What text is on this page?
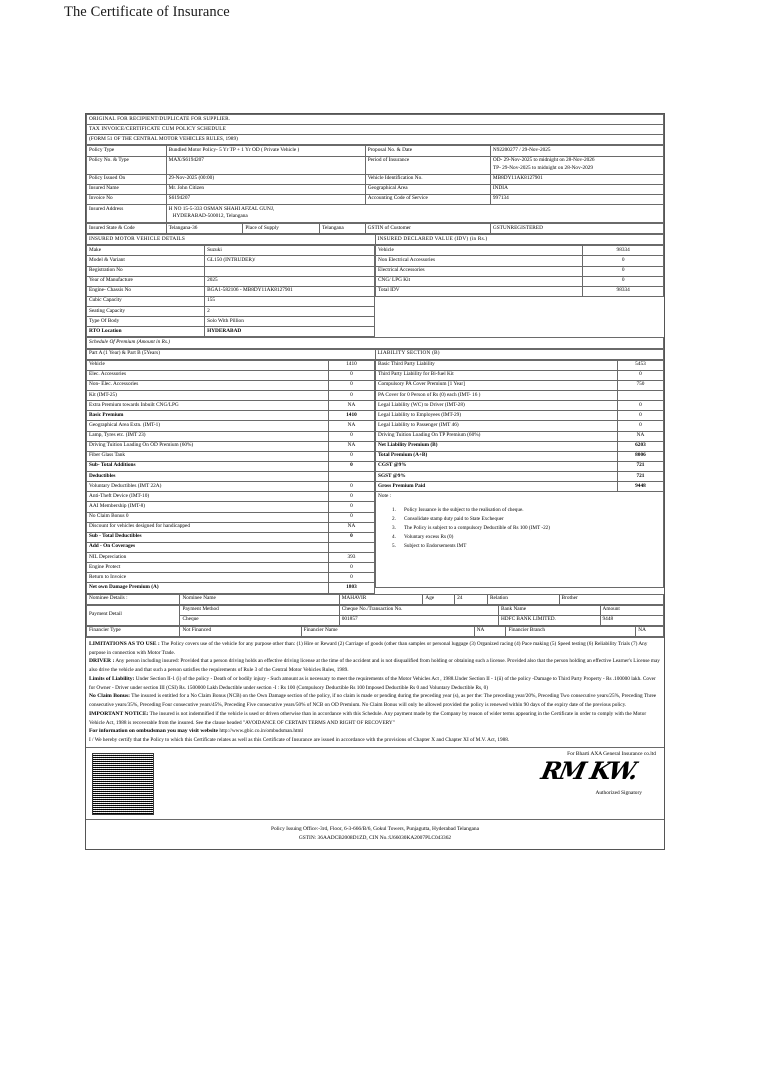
The Certificate of Insurance
ORIGINAL FOR RECIPIENT/DUPLICATE FOR SUPPLIER.
TAX INVOICE/CERTIFICATE CUM POLICY SCHEDULE
(FORM 51 OF THE CENTRAL MOTOR VEHICLES RULES, 1989)
Policy Type	Bundled Motor Policy- 5 Yr TP + 1 Yr OD ( Private Vehicle )	Proposal No. & Date	N92200277 / 29-Nov-2025
Policy No. & Type	MAX/S6194207	Period of Insurance	OD- 29-Nov-2025 to midnight on 28-Nov-2026
TP- 29-Nov-2025 to midnight on 28-Nov-2029

Policy Issued On	29-Nov-2025 (00:00)	Vehicle Identification No.	MB8DY11AK8127901
Insured Name	Mr. John Citizen	Geographical Area	INDIA
Invoice No	S6194207	Accounting Code of Service	997134
Insured Address	H NO 15-5-333 OSMAN SHAHI AFZAL GUNJ,
HYDERABAD-500012, Telangana		
Insured State & Code	Telangana-36	Place of Supply	Telangana	GSTIN of Customer	GSTUNREGISTERED
INSURED MOTOR VEHICLE DETAILS	INSURED DECLARED VALUE (IDV) (in Rs.)
Make	Suzuki
Model & Variant	GL150 (INTRUDER)/
Registration No	
Year of Manufacture	2025
Engine- Chassis No	BGA1-582106 - MB8DY11AK8127901
Cubic Capacity	155
Seating Capacity	2
Type Of Body	Solo With Pillion
RTO Location	HYDERABAD
Vehicle	98334
Non Electrical Accessories	0
Electrical Accessories	0
CNG/ LPG Kit	0
Total IDV	98334
Schedule Of Premium (Amount in Rs.)
Part A (1 Year) & Part B (5Years)	LIABILITY SECTION (B)
Vehicle	1410
Elec. Accessories	0
Non- Elec. Accessories	0
Kit (IMT-25)	0
Extra Premium towards Inbuilt CNG/LPG	NA
Basic Premium	1410
Geographical Area Extn. (IMT-1)	NA
Lamp, Tyres etc. (IMT 23)	0
Driving Tuition Loading On OD Premium (60%)	NA
Fiber Glass Tank	0
Sub- Total Additions	0
Deductibles	
Voluntary Deductibles (IMT 22A)	0
Anti-Theft Device (IMT-10)	0
AAI Membership (IMT-8)	0
No Claim Bonus 0	0
Discount for vehicles designed for handicapped	NA
Sub - Total Deductibles	0
Add - On Coverages	
NIL Depreciation	393
Engine Protect	0
Return to Invoice	0
Net own Damage Premium (A)	1803
Basic Third Party Liability	5453
Third Party Liability for Bi-fuel Kit	0
Compulsory PA Cover Premium [1 Year]	750
PA Cover for 0 Person of Rs (0) each (IMT- 16 )	
Legal Liability (WC) to Driver (IMT-28)	0
Legal Liability to Employees (IMT-29)	0
Legal Liability to Passenger (IMT 46)	0
Driving Tuition Loading On TP Premium (60%)	NA
Net Liability Premium (B)	6203
Total Premium (A+B)	8006
CGST @9%	721
SGST @9%	721
Gross Premium Paid	9448

Note :
1. Policy Issuance is the subject to the realisation of cheque.
2. Consolidate stamp duty paid to State Exchequer
3. The Policy is subject to a compulsory Deductible of Rs 100 (IMT -22)
4. Voluntary excess Rs (0)
5. Subject to Endorsements IMT
Nominee Details :	Nominee Name	MAHAVIR	Age	24	Relation	Brother
Payment Detail	Payment Method	Cheque No./Transaction No.	Bank Name	Amount
	Cheque	001857	HDFC BANK LIMITED.	9448
Financier Type	Not Financed	Financier Name	NA	Financier Branch	NA

LIMITATIONS AS TO USE : The Policy covers use of the vehicle for any purpose other than: (1) Hire or Reward (2) Carriage of goods (other than samples or personal luggage (3) Organized racing (4) Pace making (5) Speed testing (6) Reliability Trials (7) Any purpose in connection with Motor Trade.

DRIVER : Any person including insured: Provided that a person driving holds an effective driving license at the time of the accident and is not disqualified from holding or obtaining such a license. Provided also that the person holding an effective Learner's License may also drive the vehicle and that such a person satisfies the requirements of Rule 3 of the Central Motor Vehicles Rules, 1989.

Limits of Liability: Under Section II-1 (i) of the policy - Death of or bodily injury - Such amount as is necessary to meet the requirements of the Motor Vehicles Act , 1988.Under Section II - 1(ii) of the policy -Damage to Third Party Property - Rs .100000 lakh. Cover for Owner - Driver under section III (CSI) Rs. 1500000 Lakh Deductible under section -I : Rs 100 (Compulsory Deductible Rs 100 Imposed Deductible Rs 0 and Voluntary Deductible Rs, 0)

No Claim Bonus: The insured is entitled for a No Claim Bonus (NCB) on the Own Damage section of the policy, if no claim is made or pending during the preceding year (s), as per the: The preceding year/20%, Preceding Two consecutive years/25%, Preceding Three consecutive years/35%, Preceding Four consecutive years/45%, Preceding Five consecutive years/50% of NCB on OD Premium. No Claim Bonus will only be allowed provided the policy is renewed within 90 days of the expiry date of the previous policy.

IMPORTANT NOTICE: The insured is not indemnified if the vehicle is used or driven otherwise than in accordance with this Schedule. Any payment made by the Company by reason of wider terms appearing in the Certificate in order to comply with the Motor Vehicle Act, 1988 is recoverable from the insured. See the clause headed "AVOIDANCE OF CERTAIN TERMS AND RIGHT OF RECOVERY"

For information on ombudsman you may visit website http://www.gbic.co.in/ombudsman.html

I / We hereby certify that the Policy to which this Certificate relates as well as this Certificate of Insurance are issued in accordance with the provisions of Chapter X and Chapter XI of M.V. Act, 1988.

For Bharti AXA General Insurance co.ltd
RM KW.
Authorized Signatory
Policy Issuing Office:-3rd, Floor, 6-3-666/B/6, Gokul Towers, Punjagutta, Hyderabad Telangana
GSTIN: 36AADCB2008D1ZD, CIN No.:U66030KA2007PLC043362
